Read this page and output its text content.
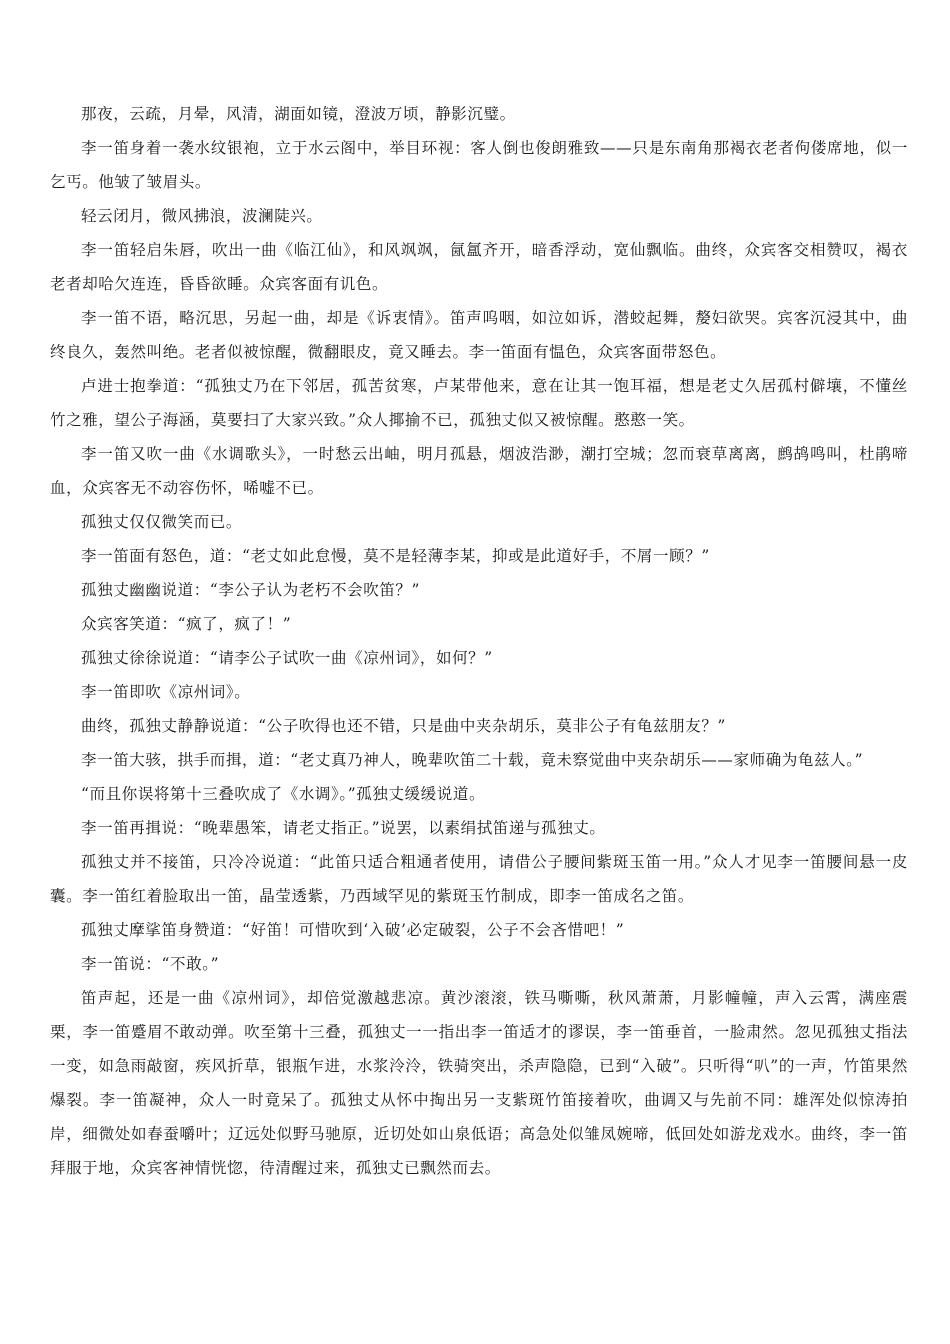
那夜，云疏，月晕，风清，湖面如镜，澄波万顷，静影沉璧。

李一笛身着一袭水纹银袍，立于水云阁中，举目环视：客人倒也俊朗雅致——只是东南角那褐衣老者佝偻席地，似一乞丐。他皱了皱眉头。

轻云闭月，微风拂浪，波澜陡兴。

李一笛轻启朱唇，吹出一曲《临江仙》，和风飒飒，氤氲齐开，暗香浮动，宽仙飘临。曲终，众宾客交相赞叹，褐衣老者却哈欠连连，昏昏欲睡。众宾客面有讥色。

李一笛不语，略沉思，另起一曲，却是《诉衷情》。笛声呜咽，如泣如诉，潜蛟起舞，嫠妇欲哭。宾客沉浸其中，曲终良久，轰然叫绝。老者似被惊醒，微翻眼皮，竟又睡去。李一笛面有愠色，众宾客面带怒色。

卢进士抱拳道：“孤独丈乃在下邻居，孤苦贫寒，卢某带他来，意在让其一饱耳福，想是老丈久居孤村僻壤，不懂丝竹之雅，望公子海涵，莫要扫了大家兴致。”众人揶揄不已，孤独丈似又被惊醒。憨憨一笑。

李一笛又吹一曲《水调歌头》，一时愁云出岫，明月孤悬，烟波浩渺，潮打空城；忽而衰草离离，鹧鸪鸣叫，杜鹃啼血，众宾客无不动容伤怀，唏嘘不已。

孤独丈仅仅微笑而已。

李一笛面有怒色，道：“老丈如此怠慢，莫不是轻薄李某，抑或是此道好手，不屑一顾？”

孤独丈幽幽说道：“李公子认为老朽不会吹笛？”

众宾客笑道：“疯了，疯了！”

孤独丈徐徐说道：“请李公子试吹一曲《凉州词》，如何？”

李一笛即吹《凉州词》。

曲终，孤独丈静静说道：“公子吹得也还不错，只是曲中夹杂胡乐，莫非公子有龟兹朋友？”

李一笛大骇，拱手而揖，道：“老丈真乃神人，晚辈吹笛二十载，竟未察觉曲中夹杂胡乐——家师确为龟兹人。”

“而且你误将第十三叠吹成了《水调》。”孤独丈缓缓说道。

李一笛再揖说：“晚辈愚笨，请老丈指正。”说罢，以素绢拭笛递与孤独丈。

孤独丈并不接笛，只冷冷说道：“此笛只适合粗通者使用，请借公子腰间紫斑玉笛一用。”众人才见李一笛腰间悬一皮囊。李一笛红着脸取出一笛，晶莹透紫，乃西域罕见的紫斑玉竹制成，即李一笛成名之笛。

孤独丈摩挲笛身赞道：“好笛！可惜吹到‘入破’必定破裂，公子不会吝惜吧！”

李一笛说：“不敢。”

笛声起，还是一曲《凉州词》，却倍觉激越悲凉。黄沙滚滚，铁马嘶嘶，秋风萧萧，月影幢幢，声入云霄，满座震栗，李一笛蹙眉不敢动弹。吹至第十三叠，孤独丈一一指出李一笛适才的谬误，李一笛垂首，一脸肃然。忽见孤独丈指法一变，如急雨敲窗，疾风折草，银瓶乍进，水浆泠泠，铁骑突出，杀声隐隐，已到“入破”。只听得“叭”的一声，竹笛果然爆裂。李一笛凝神，众人一时竟呆了。孤独丈从怀中掏出另一支紫斑竹笛接着吹，曲调又与先前不同：雄浑处似惊涛拍岸，细微处如春蚕嚼叶；辽远处似野马驰原，近切处如山泉低语；高急处似雏凤婉啼，低回处如游龙戏水。曲终，李一笛拜服于地，众宾客神情恍惚，待清醒过来，孤独丈已飘然而去。
